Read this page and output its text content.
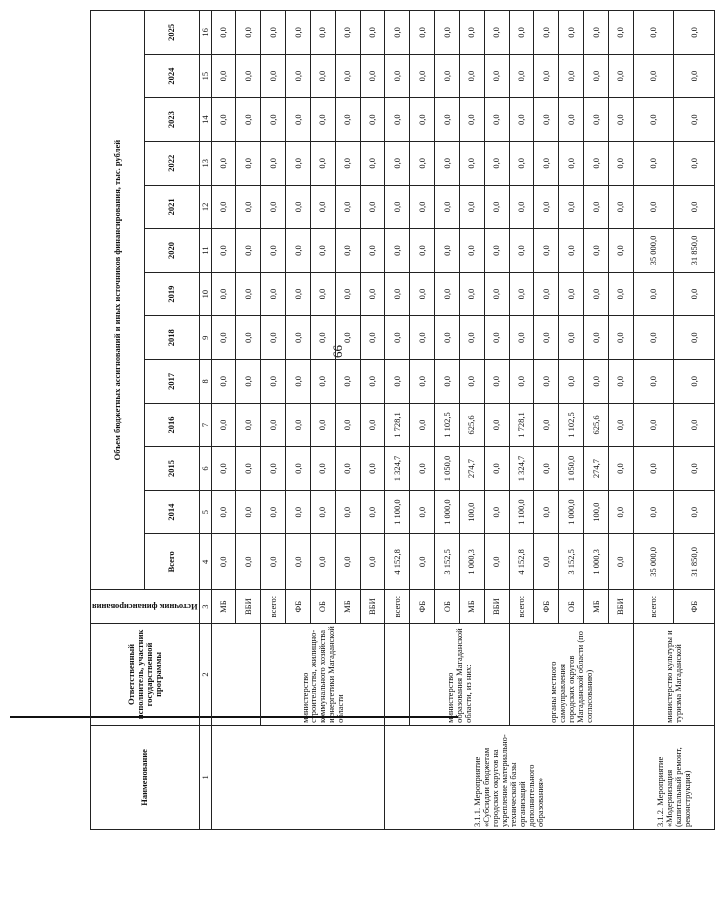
66
Наименование	Ответственный исполнитель, участник государственной программы	Источник финансирования	Объем бюджетных ассигнований и иных источников финансирования, тыс. рублей												
			Всего	2014	2015	2016	2017	2018	2019	2020	2021	2022	2023	2024	2025
1	2	3	4	5	6	7	8	9	10	11	12	13	14	15	16
		МБ	0,0	0,0	0,0	0,0	0,0	0,0	0,0	0,0	0,0	0,0	0,0	0,0	0,0
		ВБИ	0,0	0,0	0,0	0,0	0,0	0,0	0,0	0,0	0,0	0,0	0,0	0,0	0,0
	министерство строительства, жилищно-коммунального хозяйства и энергетики Магаданской области	всего:	0,0	0,0	0,0	0,0	0,0	0,0	0,0	0,0	0,0	0,0	0,0	0,0	0,0
		ФБ	0,0	0,0	0,0	0,0	0,0	0,0	0,0	0,0	0,0	0,0	0,0	0,0	0,0
		ОБ	0,0	0,0	0,0	0,0	0,0	0,0	0,0	0,0	0,0	0,0	0,0	0,0	0,0
		МБ	0,0	0,0	0,0	0,0	0,0	0,0	0,0	0,0	0,0	0,0	0,0	0,0	0,0
		ВБИ	0,0	0,0	0,0	0,0	0,0	0,0	0,0	0,0	0,0	0,0	0,0	0,0	0,0
3.1.1. Мероприятие «Субсидии бюджетам городских округов на укрепление материально-технической базы организаций дополнительного образования»		всего:	4 152,8	1 100,0	1 324,7	1 728,1	0,0	0,0	0,0	0,0	0,0	0,0	0,0	0,0	0,0
	министерство образования Магаданской области, из них:	ФБ	0,0	0,0	0,0	0,0	0,0	0,0	0,0	0,0	0,0	0,0	0,0	0,0	0,0
		ОБ	3 152,5	1 000,0	1 050,0	1 102,5	0,0	0,0	0,0	0,0	0,0	0,0	0,0	0,0	0,0
		МБ	1 000,3	100,0	274,7	625,6	0,0	0,0	0,0	0,0	0,0	0,0	0,0	0,0	0,0
		ВБИ	0,0	0,0	0,0	0,0	0,0	0,0	0,0	0,0	0,0	0,0	0,0	0,0	0,0
	органы местного самоуправления городских округов Магаданской области (по согласованию)	всего:	4 152,8	1 100,0	1 324,7	1 728,1	0,0	0,0	0,0	0,0	0,0	0,0	0,0	0,0	0,0
		ФБ	0,0	0,0	0,0	0,0	0,0	0,0	0,0	0,0	0,0	0,0	0,0	0,0	0,0
		ОБ	3 152,5	1 000,0	1 050,0	1 102,5	0,0	0,0	0,0	0,0	0,0	0,0	0,0	0,0	0,0
		МБ	1 000,3	100,0	274,7	625,6	0,0	0,0	0,0	0,0	0,0	0,0	0,0	0,0	0,0
		ВБИ	0,0	0,0	0,0	0,0	0,0	0,0	0,0	0,0	0,0	0,0	0,0	0,0	0,0
3.1.2. Мероприятие «Модернизация (капитальный ремонт, реконструкция)	министерство культуры и туризма Магаданской	всего:	35 000,0	0,0	0,0	0,0	0,0	0,0	0,0	35 000,0	0,0	0,0	0,0	0,0	0,0
		ФБ	31 850,0	0,0	0,0	0,0	0,0	0,0	0,0	31 850,0	0,0	0,0	0,0	0,0	0,0
